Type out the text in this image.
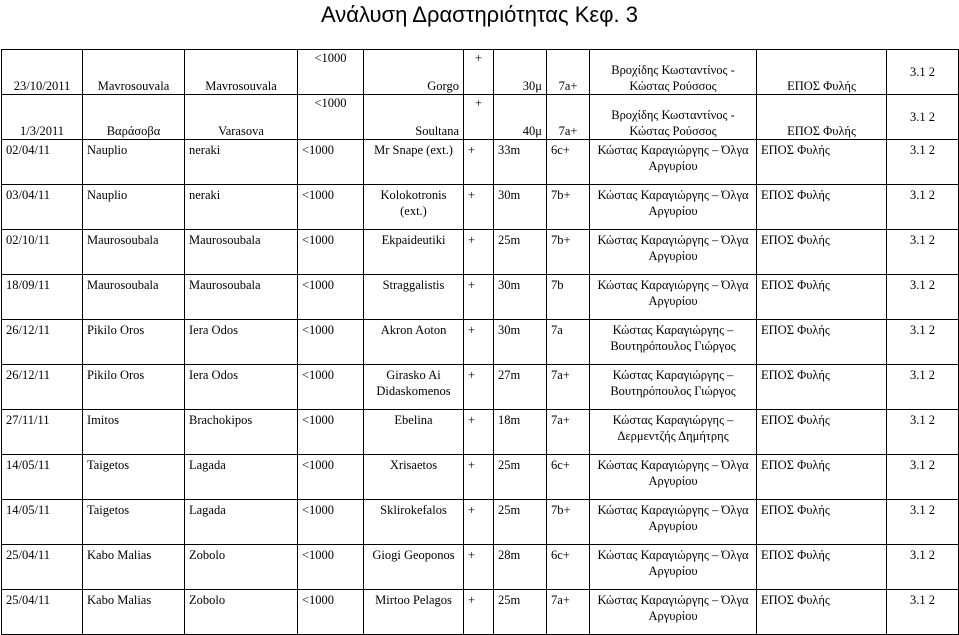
Ανάλυση Δραστηριότητας Κεφ. 3
23/10/2011	Mavrosouvala	Mavrosouvala	<1000	Gorgo	+	30μ	7a+	Βροχίδης Κωσταντίνος - Κώστας Ρούσσος	ΕΠΟΣ Φυλής	3.1 2
1/3/2011	Βαράσοβα	Varasova	<1000	Soultana	+	40μ	7a+	Βροχίδης Κωσταντίνος - Κώστας Ρούσσος	ΕΠΟΣ Φυλής	3.1 2
02/04/11	Nauplio	neraki	<1000	Mr Snape (ext.)	+	33m	6c+	Κώστας Καραγιώργης – Όλγα Αργυρίου	ΕΠΟΣ Φυλής	3.1 2
03/04/11	Nauplio	neraki	<1000	Kolokotronis (ext.)	+	30m	7b+	Κώστας Καραγιώργης – Όλγα Αργυρίου	ΕΠΟΣ Φυλής	3.1 2
02/10/11	Maurosoubala	Maurosoubala	<1000	Ekpaideutiki	+	25m	7b+	Κώστας Καραγιώργης – Όλγα Αργυρίου	ΕΠΟΣ Φυλής	3.1 2
18/09/11	Maurosoubala	Maurosoubala	<1000	Straggalistis	+	30m	7b	Κώστας Καραγιώργης – Όλγα Αργυρίου	ΕΠΟΣ Φυλής	3.1 2
26/12/11	Pikilo Oros	Iera Odos	<1000	Akron Aoton	+	30m	7a	Κώστας Καραγιώργης – Βουτηρόπουλος Γιώργος	ΕΠΟΣ Φυλής	3.1 2
26/12/11	Pikilo Oros	Iera Odos	<1000	Girasko Ai Didaskomenos	+	27m	7a+	Κώστας Καραγιώργης – Βουτηρόπουλος Γιώργος	ΕΠΟΣ Φυλής	3.1 2
27/11/11	Imitos	Brachokipos	<1000	Ebelina	+	18m	7a+	Κώστας Καραγιώργης – Δερμεντζής Δημήτρης	ΕΠΟΣ Φυλής	3.1 2
14/05/11	Taigetos	Lagada	<1000	Xrisaetos	+	25m	6c+	Κώστας Καραγιώργης – Όλγα Αργυρίου	ΕΠΟΣ Φυλής	3.1 2
14/05/11	Taigetos	Lagada	<1000	Sklirokefalos	+	25m	7b+	Κώστας Καραγιώργης – Όλγα Αργυρίου	ΕΠΟΣ Φυλής	3.1 2
25/04/11	Kabo Malias	Zobolo	<1000	Giogi Geoponos	+	28m	6c+	Κώστας Καραγιώργης – Όλγα Αργυρίου	ΕΠΟΣ Φυλής	3.1 2
25/04/11	Kabo Malias	Zobolo	<1000	Mirtoo Pelagos	+	25m	7a+	Κώστας Καραγιώργης – Όλγα Αργυρίου	ΕΠΟΣ Φυλής	3.1 2
